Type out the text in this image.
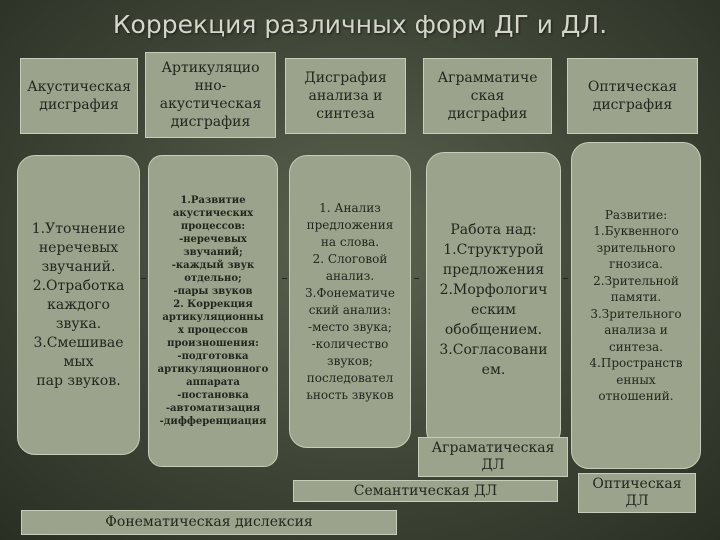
Коррекция различных форм ДГ и ДЛ.
Акустическая
дисграфия
Артикуляцио
нно-
акустическая
дисграфия
Дисграфия
анализа и
синтеза
Аграмматиче
ская
дисграфия
Оптическая
дисграфия
1.Уточнение
неречевых
звучаний.
2.Отработка
каждого
звука.
3.Смешивае
мых
пар звуков.
1.Развитие
акустических
процессов:
-неречевых
звучаний;
-каждый звук
отдельно;
-пары звуков
2. Коррекция
артикуляционны
х процессов
произношения:
-подготовка
артикуляционного
аппарата
-постановка
-автоматизация
-дифференциация
1. Анализ
предложения
на слова.
2. Слоговой
анализ.
3.Фонематиче
ский анализ:
-место звука;
-количество
звуков;
последовател
ьность звуков
Работа над:
1.Структурой
предложения
2.Морфологич
еским
обобщением.
3.Согласовани
ем.
Развитие:
1.Буквенного
зрительного
гнозиса.
2.Зрительной
памяти.
3.Зрительного
анализа и
синтеза.
4.Пространств
енных
отношений.
Аграматическая
ДЛ
Оптическая
ДЛ
Семантическая ДЛ
Фонематическая дислексия
